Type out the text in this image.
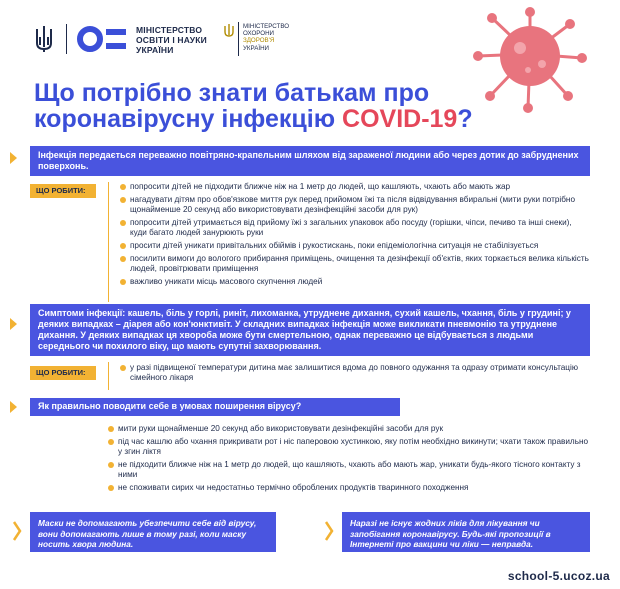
МІНІСТЕРСТВО
ОСВІТИ І НАУКИ
УКРАЇНИ
МІНІСТЕРСТВО
ОХОРОНИ
ЗДОРОВ'Я
УКРАЇНИ
Що потрібно знати батькам про
коронавірусну інфекцію COVID-19?
Інфекція передається переважно повітряно-крапельним шляхом від зараженої людини або через дотик до забруднених поверхонь.
ЩО РОБИТИ:	попросити дітей не підходити ближче ніж на 1 метр до людей, що кашляють, чхають або мають жар
нагадувати дітям про обов'язкове миття рук перед прийомом їжі та після відвідування вбиральні (мити руки потрібно щонайменше 20 секунд або використовувати дезінфекційні засоби для рук)
попросити дітей утримається від прийому їжі з загальних упаковок або посуду (горішки, чіпси, печиво та інші снеки), куди багато людей занурюють руки
просити дітей уникати привітальних обіймів і рукостискань, поки епідеміологічна ситуація не стабілізується
посилити вимоги до вологого прибирання приміщень, очищення та дезінфекції об'єктів, яких торкається велика кількість людей, провітрювати приміщення
важливо уникати місць масового скупчення людей
Симптоми інфекції: кашель, біль у горлі, риніт, лихоманка, утруднене дихання, сухий кашель, чхання, біль у грудині; у деяких випадках – діарея або кон'юнктивіт. У складних випадках інфекція може викликати пневмонію та утруднене дихання. У деяких випадках ця хвороба може бути смертельною, однак переважно це відбувається з людьми середнього чи похилого віку, що мають супутні захворювання.
ЩО РОБИТИ:
у разі підвищеної температури дитина має залишитися вдома до повного одужання та одразу отримати консультацію сімейного лікаря
Як правильно поводити себе в умовах поширення вірусу?
мити руки щонайменше 20 секунд або використовувати дезінфекційні засоби для рук
під час кашлю або чхання прикривати рот і ніс паперовою хустинкою, яку потім необхідно викинути; чхати також правильно у згин ліктя
не підходити ближче ніж на 1 метр до людей, що кашляють, чхають або мають жар, уникати будь-якого тісного контакту з ними
не споживати сирих чи недостатньо термічно оброблених продуктів тваринного походження
Маски не допомагають убезпечити себе від вірусу, вони допомагають лише в тому разі, коли маску носить хвора людина.
Наразі не існує жодних ліків для лікування чи запобігання коронавірусу. Будь-які пропозиції в Інтернеті про вакцини чи ліки — неправда.
school-5.ucoz.ua
